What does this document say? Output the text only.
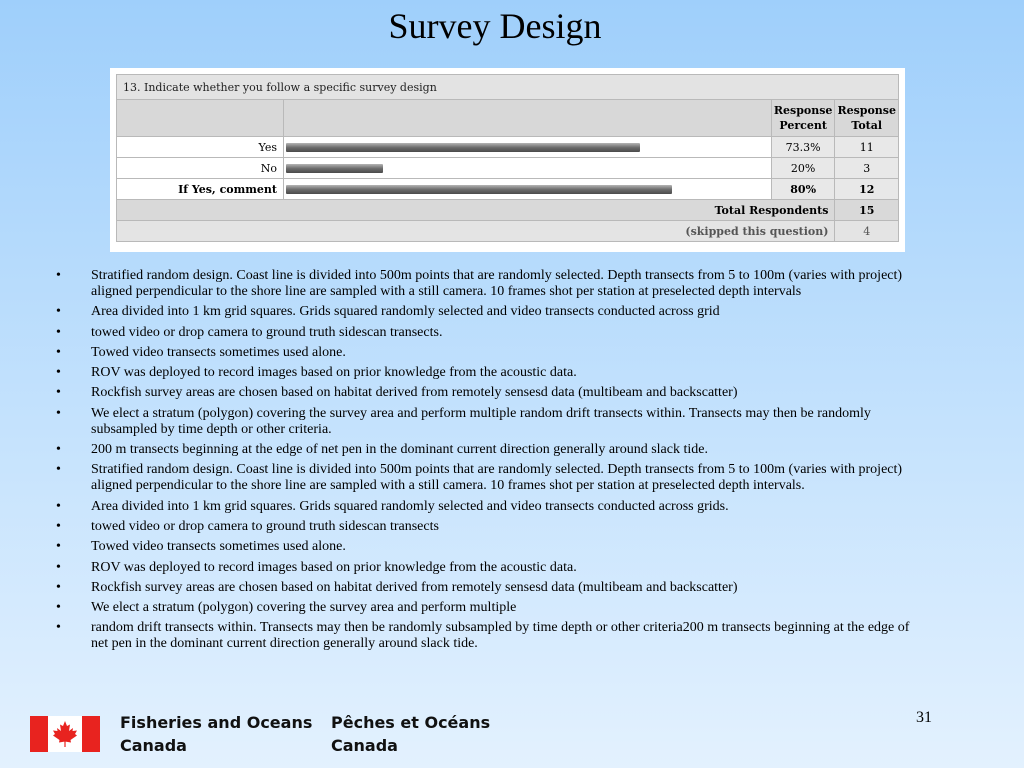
Survey Design
13. Indicate whether you follow a specific survey design			
		Response Percent	Response Total
Yes		73.3%	11
No		20%	3
If Yes, comment		80%	12
Total Respondents			15
(skipped this question)			4
• Stratified random design. Coast line is divided into 500m points that are randomly selected. Depth transects from 5 to 100m (varies with project) aligned perpendicular to the shore line are sampled with a still camera. 10 frames shot per station at preselected depth intervals
• Area divided into 1 km grid squares. Grids squared randomly selected and video transects conducted across grid
• towed video or drop camera to ground truth sidescan transects.
• Towed video transects sometimes used alone.
• ROV was deployed to record images based on prior knowledge from the acoustic data.
• Rockfish survey areas are chosen based on habitat derived from remotely sensesd data (multibeam and backscatter)
• We elect a stratum (polygon) covering the survey area and perform multiple random drift transects within. Transects may then be randomly subsampled by time depth or other criteria.
• 200 m transects beginning at the edge of net pen in the dominant current direction generally around slack tide.
• Stratified random design. Coast line is divided into 500m points that are randomly selected. Depth transects from 5 to 100m (varies with project) aligned perpendicular to the shore line are sampled with a still camera. 10 frames shot per station at preselected depth intervals.
• Area divided into 1 km grid squares. Grids squared randomly selected and video transects conducted across grids.
• towed video or drop camera to ground truth sidescan transects
• Towed video transects sometimes used alone.
• ROV was deployed to record images based on prior knowledge from the acoustic data.
• Rockfish survey areas are chosen based on habitat derived from remotely sensesd data (multibeam and backscatter)
• We elect a stratum (polygon) covering the survey area and perform multiple
• random drift transects within. Transects may then be randomly subsampled by time depth or other criteria200 m transects beginning at the edge of net pen in the dominant current direction generally around slack tide.
Fisheries and Oceans
Canada
Pêches et Océans
Canada
31
